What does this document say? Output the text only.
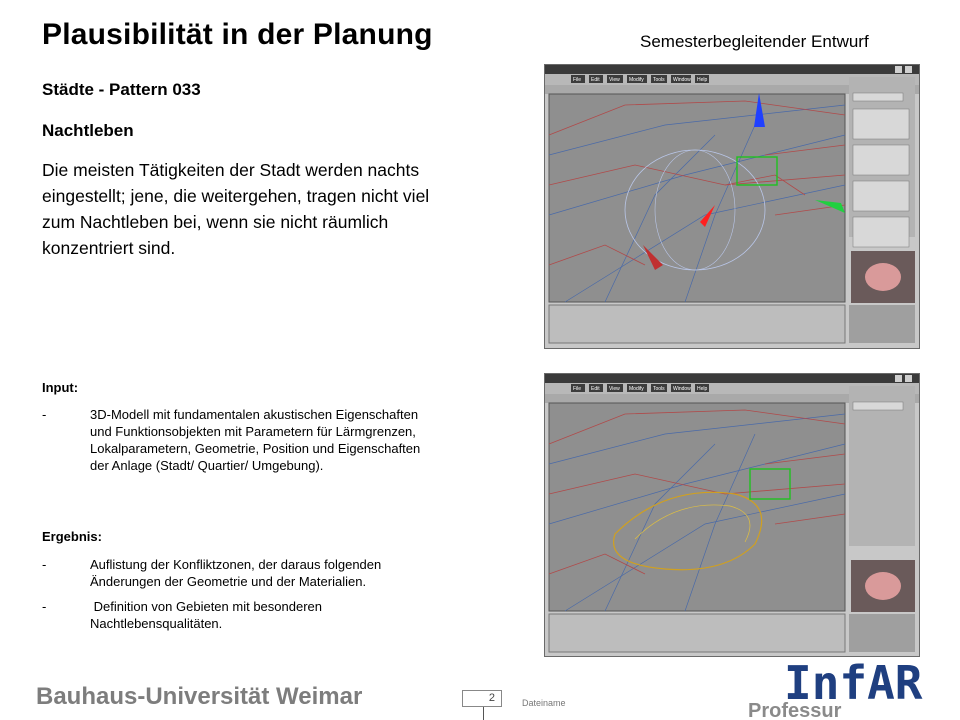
Plausibilität in der Planung	Semesterbegleitender Entwurf
Städte - Pattern 033
Nachtleben
Die meisten Tätigkeiten der Stadt werden nachts eingestellt; jene, die weitergehen, tragen nicht viel zum Nachtleben bei, wenn sie nicht räumlich konzentriert sind.
Input:
-	3D-Modell mit fundamentalen akustischen Eigenschaften und Funktionsobjekten mit Parametern für Lärmgrenzen, Lokalparametern, Geometrie, Position und Eigenschaften der Anlage (Stadt/ Quartier/ Umgebung).
Ergebnis:
-	Auflistung der Konfliktzonen, der daraus folgenden Änderungen der Geometrie und der Materialien.
-	Definition von Gebieten mit besonderen Nachtlebensqualitäten.
File Edit View Modify Tools Window Help
File Edit View Modify Tools Window Help
Bauhaus-Universität Weimar	2	Dateiname	InfAR
Professur
